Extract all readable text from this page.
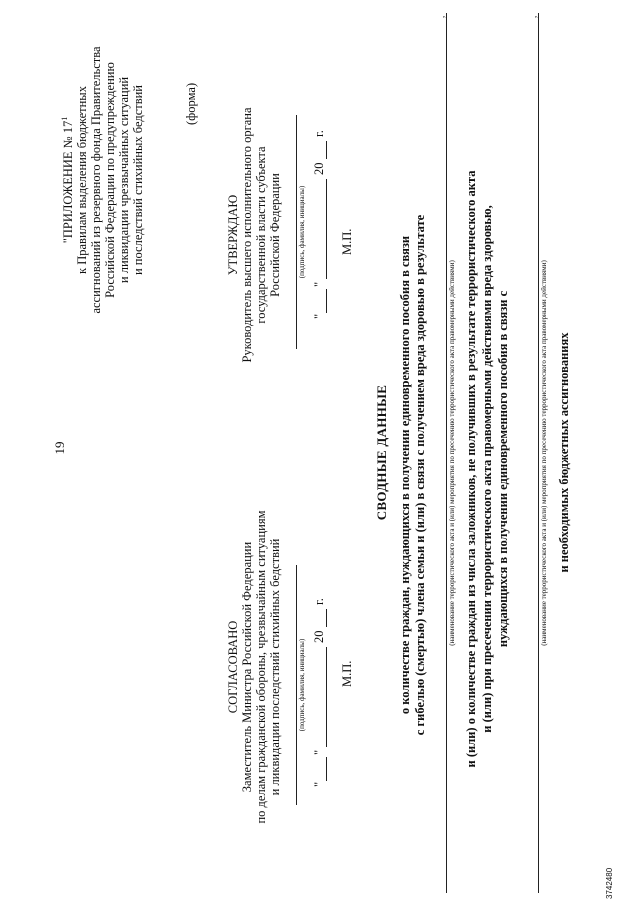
19
"ПРИЛОЖЕНИЕ № $17^1$ к Правилам выделения бюджетных ассигнований из резервного фонда Правительства Российской Федерации по предупреждению и ликвидации чрезвычайных ситуаций и последствий стихийных бедствий	(форма)
СОГЛАСОВАНО Заместитель Министра Российской Федерации по делам гражданской обороны, чрезвычайным ситуациям и ликвидации последствий стихийных бедствий (подпись, фамилия, инициалы)
"
"
20
г.
М.П.
УТВЕРЖДАЮ Руководитель высшего исполнительного органа государственной власти субъекта Российской Федерации (подпись, фамилия, инициалы)
"
"
20
г.
М.П.
СВОДНЫЕ ДАННЫЕ о количестве граждан, нуждающихся в получении единовременного пособия в связи с гибелью (смертью) члена семьи и (или) в связи с получением вреда здоровью в результате
,
(наименование террористического акта и (или) мероприятия по пресечению террористического акта правомерными действиями) и (или) о количестве граждан из числа заложников, не получивших в результате террористического акта и (или) при пресечении террористического акта правомерными действиями вреда здоровью, нуждающихся в получении единовременного пособия в связи с
,
(наименование террористического акта и (или) мероприятия по пресечению террористического акта правомерными действиями) и необходимых бюджетных ассигнованиях
3742480
